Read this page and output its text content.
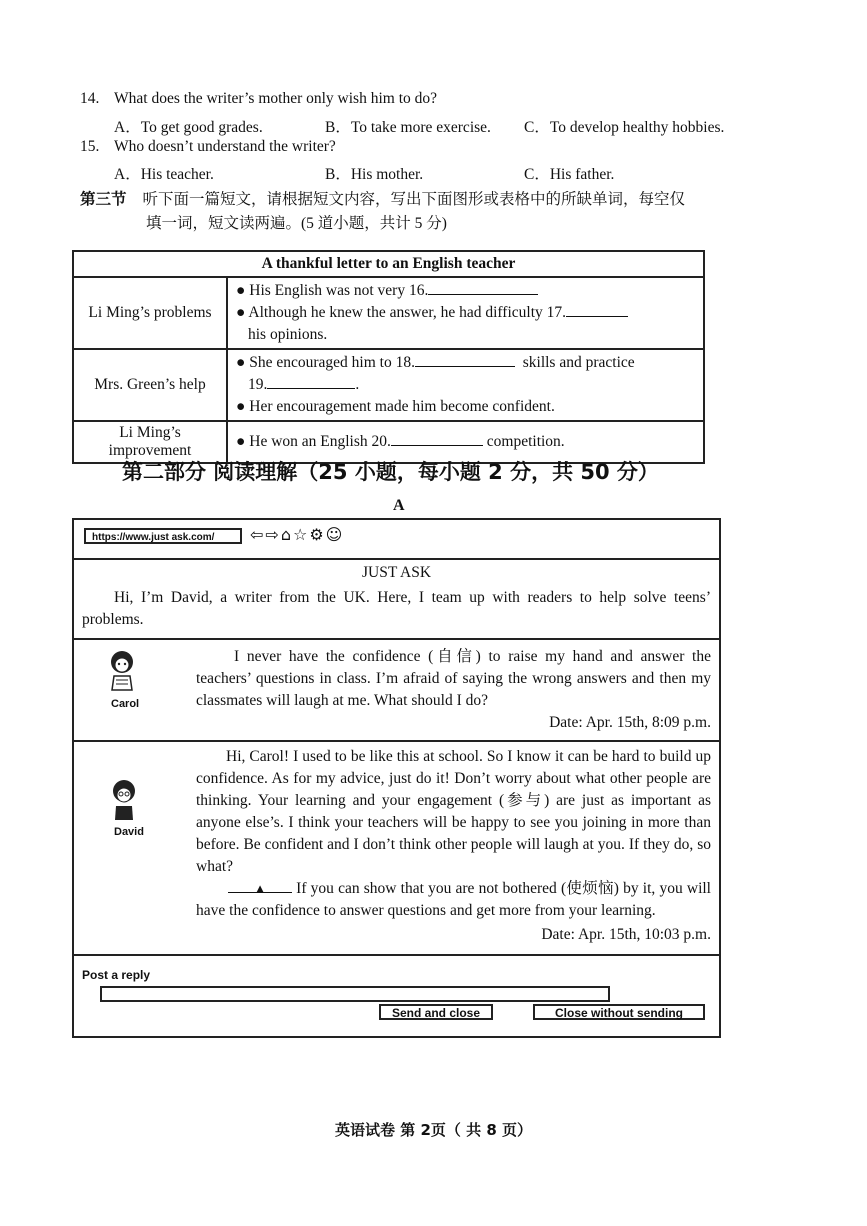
14. What does the writer’s mother only wish him to do?
A．To get good grades.	B．To take more exercise. C．To develop healthy hobbies.
15. Who doesn’t understand the writer?
A．His teacher.	B．His mother.	C．His father.
第三节 听下面一篇短文，请根据短文内容，写出下面图形或表格中的所缺单词，每空仅
填一词，短文读两遍。(5 道小题，共计 5 分)
A thankful letter to an English teacher	
Li Ming’s problems	● His English was not very 16.
● Although he knew the answer, he had difficulty 17.
his opinions.

Mrs. Green’s help	● She encouraged him to 18. skills and practice
19. .
● Her encouragement made him become confident.

Li Ming’s improvement	● He won an English 20. competition.
第二部分 阅读理解（25 小题，每小题 2 分，共 50 分）
A
https://www.just ask.com/	⇦⇨⌂☆⚙☺
JUST ASK
Hi, I’m David, a writer from the UK. Here, I team up with readers to help solve teens’ problems.
Carol
I never have the confidence (自信) to raise my hand and answer the teachers’ questions in class. I’m afraid of saying the wrong answers and then my classmates will laugh at me. What should I do?
Date: Apr. 15th, 8:09 p.m.
David
Hi, Carol! I used to be like this at school. So I know it can be hard to build up confidence. As for my advice, just do it! Don’t worry about what other people are thinking. Your learning and your engagement (参与) are just as important as anyone else’s. I think your teachers will be happy to see you joining in more than before. Be confident and I don’t think other people will laugh at you. If they do, so what?
▲ If you can show that you are not bothered (使烦恼) by it, you will have the confidence to answer questions and get more from your learning.
Date: Apr. 15th, 10:03 p.m.
Post a reply
Send and close	Close without sending
英语试卷 第 2页（ 共 8 页）
